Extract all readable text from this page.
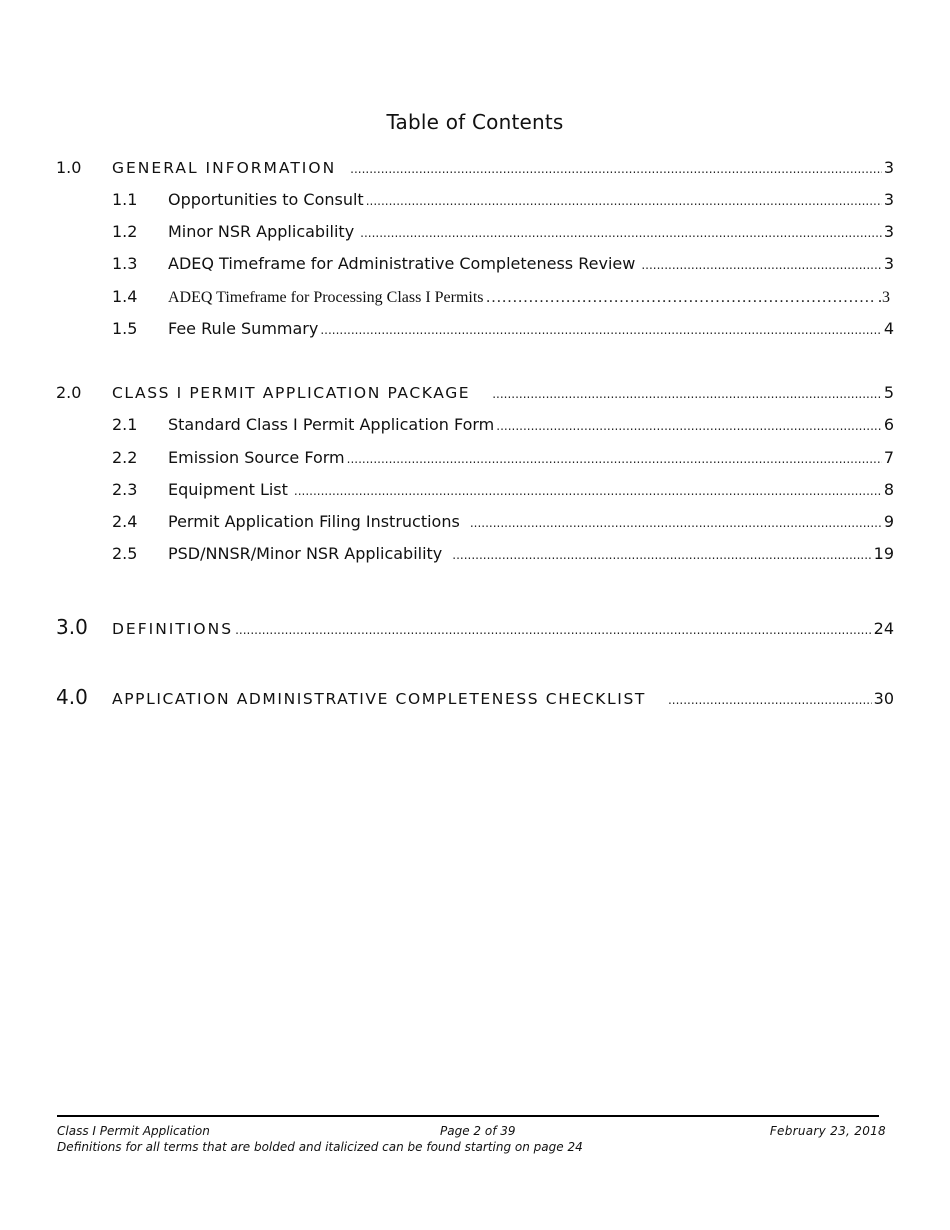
Table of Contents
1.0	GENERAL INFORMATION .....	3
1.1	Opportunities to Consult .....	3
1.2	Minor NSR Applicability .....	3
1.3	ADEQ Timeframe for Administrative Completeness Review .....	3
1.4	ADEQ Timeframe for Processing Class I Permits …………………………………………………………………………………………………………………………………………	.3
1.5	Fee Rule Summary .....	4
2.0	CLASS I PERMIT APPLICATION PACKAGE .....	5
2.1	Standard Class I Permit Application Form .....	6
2.2	Emission Source Form .....	7
2.3	Equipment List .....	8
2.4	Permit Application Filing Instructions .....	9
2.5	PSD/NNSR/Minor NSR Applicability .....	19
3.0	DEFINITIONS .....	24
4.0	APPLICATION ADMINISTRATIVE COMPLETENESS CHECKLIST .....	30
Class I Permit Application	Page 2 of 39	February 23, 2018
Definitions for all terms that are bolded and italicized can be found starting on page 24
